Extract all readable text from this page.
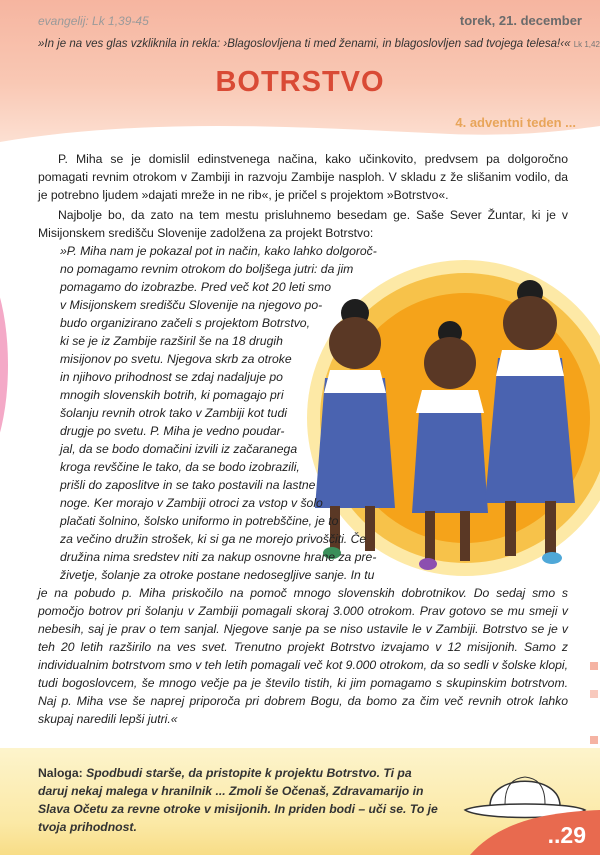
evangelij: Lk 1,39-45	torek, 21. december
»In je na ves glas vzkliknila in rekla: ›Blagoslovljena ti med ženami, in blagoslovljen sad tvojega telesa!‹« Lk 1,42
BOTRSTVO
4. adventni teden ...
P. Miha se je domislil edinstvenega načina, kako učinkovito, predvsem pa dolgoročno pomagati revnim otrokom v Zambiji in razvoju Zambije nasploh. V skladu z že slišanim vodilo, da je potrebno ljudem »dajati mreže in ne rib«, je pričel s projektom »Botrstvo«.
Najbolje bo, da zato na tem mestu prisluhnemo besedam ge. Saše Sever Žuntar, ki je v Misijonskem središču Slovenije zadolžena za projekt Botrstvo:
»P. Miha nam je pokazal pot in način, kako lahko dolgoroč-
no pomagamo revnim otrokom do boljšega jutri: da jim
pomagamo do izobrazbe. Pred več kot 20 leti smo
v Misijonskem središču Slovenije na njegovo po-
budo organizirano začeli s projektom Botrstvo,
ki se je iz Zambije razširil še na 18 drugih
misijonov po svetu. Njegova skrb za otroke
in njihovo prihodnost se zdaj nadaljuje po
mnogih slovenskih botrih, ki pomagajo pri
šolanju revnih otrok tako v Zambiji kot tudi
drugje po svetu. P. Miha je vedno poudar-
jal, da se bodo domačini izvili iz začaranega
kroga revščine le tako, da se bodo izobrazili,
prišli do zaposlitve in se tako postavili na lastne
noge. Ker morajo v Zambiji otroci za vstop v šolo
plačati šolnino, šolsko uniformo in potrebščine, je to
za večino družin strošek, ki si ga ne morejo privoščiti. Če
družina nima sredstev niti za nakup osnovne hrane za pre-
živetje, šolanje za otroke postane nedosegljive sanje. In tu
je na pobudo p. Miha priskočilo na pomoč mnogo slovenskih dobrotnikov. Do sedaj smo s pomočjo botrov pri šolanju v Zambiji pomagali skoraj 3.000 otrokom. Prav gotovo se mu smeji v nebesih, saj je prav o tem sanjal. Njegove sanje pa se niso ustavile le v Zambiji. Botrstvo se je v teh 20 letih razširilo na ves svet. Trenutno projekt Botrstvo izvajamo v 12 misijonih. Samo z individualnim botrstvom smo v teh letih pomagali več kot 9.000 otrokom, da so sedli v šolske klopi, tudi bogoslovcem, še mnogo večje pa je število tistih, ki jim pomagamo s skupinskim botrstvom. Naj p. Miha vse še naprej priporoča pri dobrem Bogu, da bomo za čim več revnih otrok lahko skupaj naredili lepši jutri.«
Naloga: Spodbudi starše, da pristopite k projektu Botrstvo. Ti pa daruj nekaj malega v hranilnik ... Zmoli še Očenaš, Zdravamarijo in Slava Očetu za revne otroke v misijonih. In priden bodi – uči se. To je tvoja prihodnost.	..29
